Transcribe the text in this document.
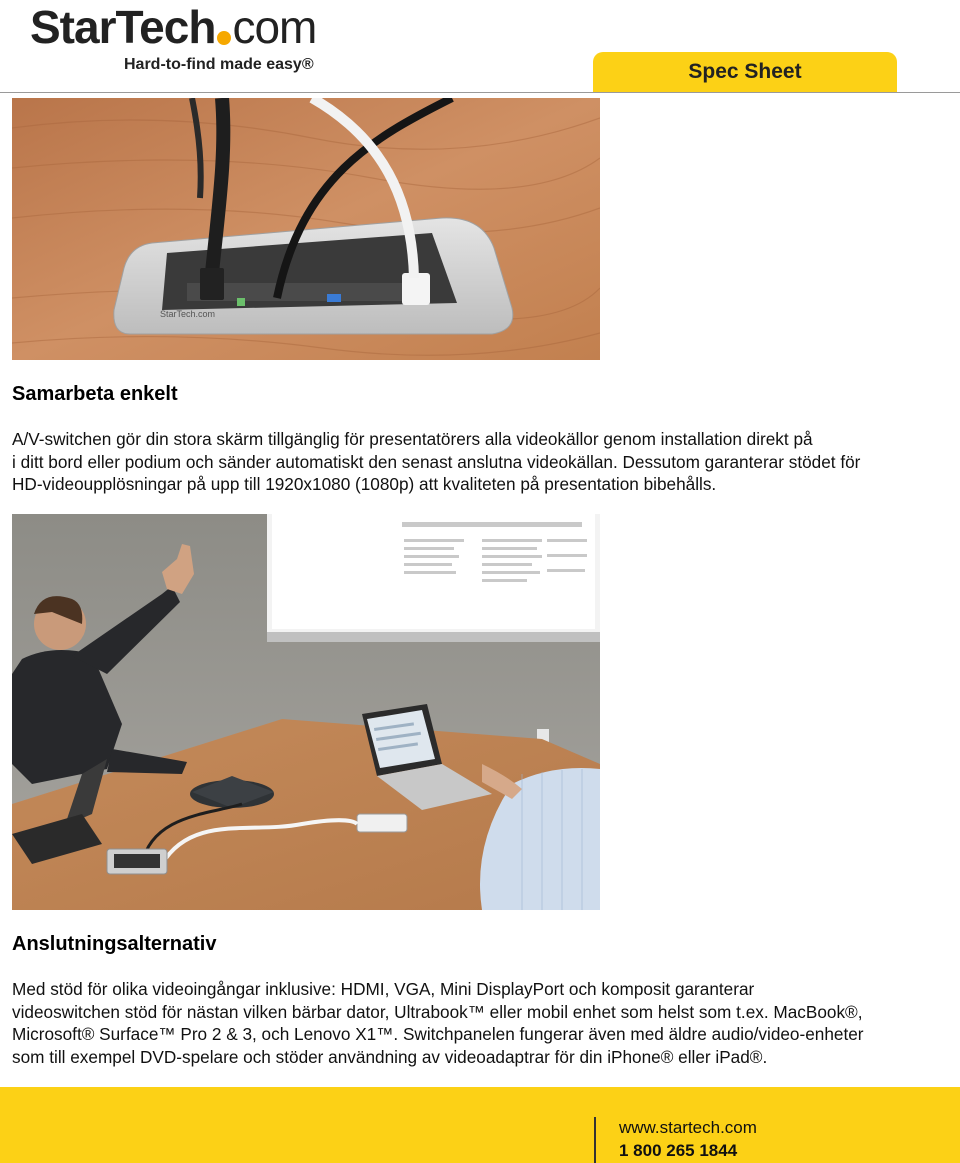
StarTech com
Hard-to-find made easy®	Spec Sheet
StarTech.com
Samarbeta enkelt
A/V-switchen gör din stora skärm tillgänglig för presentatörers alla videokällor genom installation direkt på
i ditt bord eller podium och sänder automatiskt den senast anslutna videokällan. Dessutom garanterar stödet för
HD-videoupplösningar på upp till 1920x1080 (1080p) att kvaliteten på presentation bibehålls.
Anslutningsalternativ
Med stöd för olika videoingångar inklusive: HDMI, VGA, Mini DisplayPort och komposit garanterar
videoswitchen stöd för nästan vilken bärbar dator, Ultrabook™ eller mobil enhet som helst som t.ex. MacBook®,
Microsoft® Surface™ Pro 2 & 3, och Lenovo X1™. Switchpanelen fungerar även med äldre audio/video-enheter
som till exempel DVD-spelare och stöder användning av videoadaptrar för din iPhone® eller iPad®.
www.startech.com
1 800 265 1844
